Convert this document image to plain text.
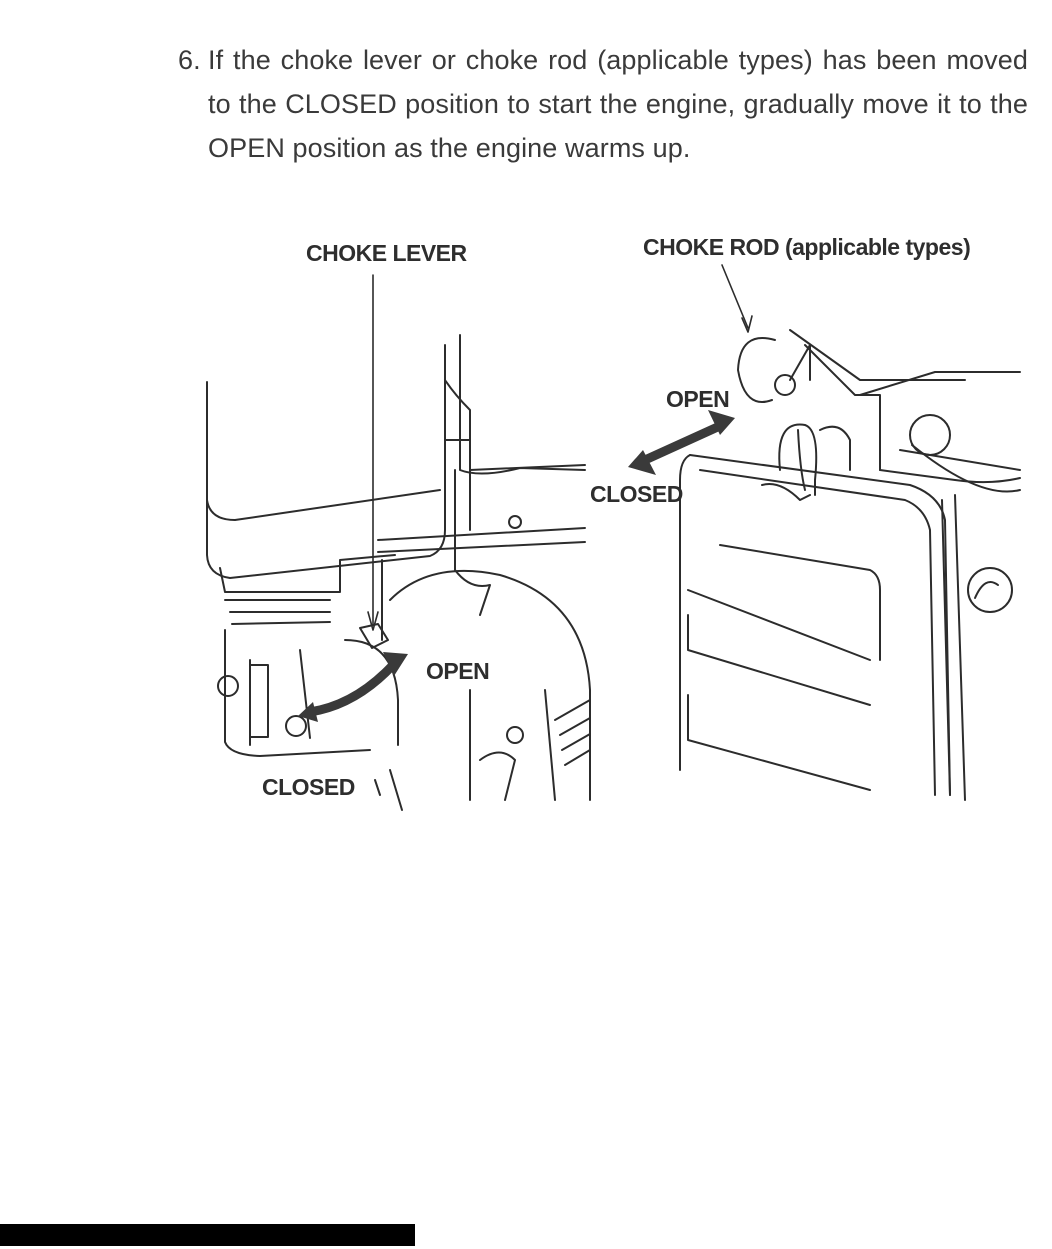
6. If the choke lever or choke rod (applicable types) has been moved to the CLOSED position to start the engine, gradually move it to the OPEN position as the engine warms up.
CHOKE LEVER
OPEN
CLOSED
CHOKE ROD (applicable types)
OPEN
CLOSED
